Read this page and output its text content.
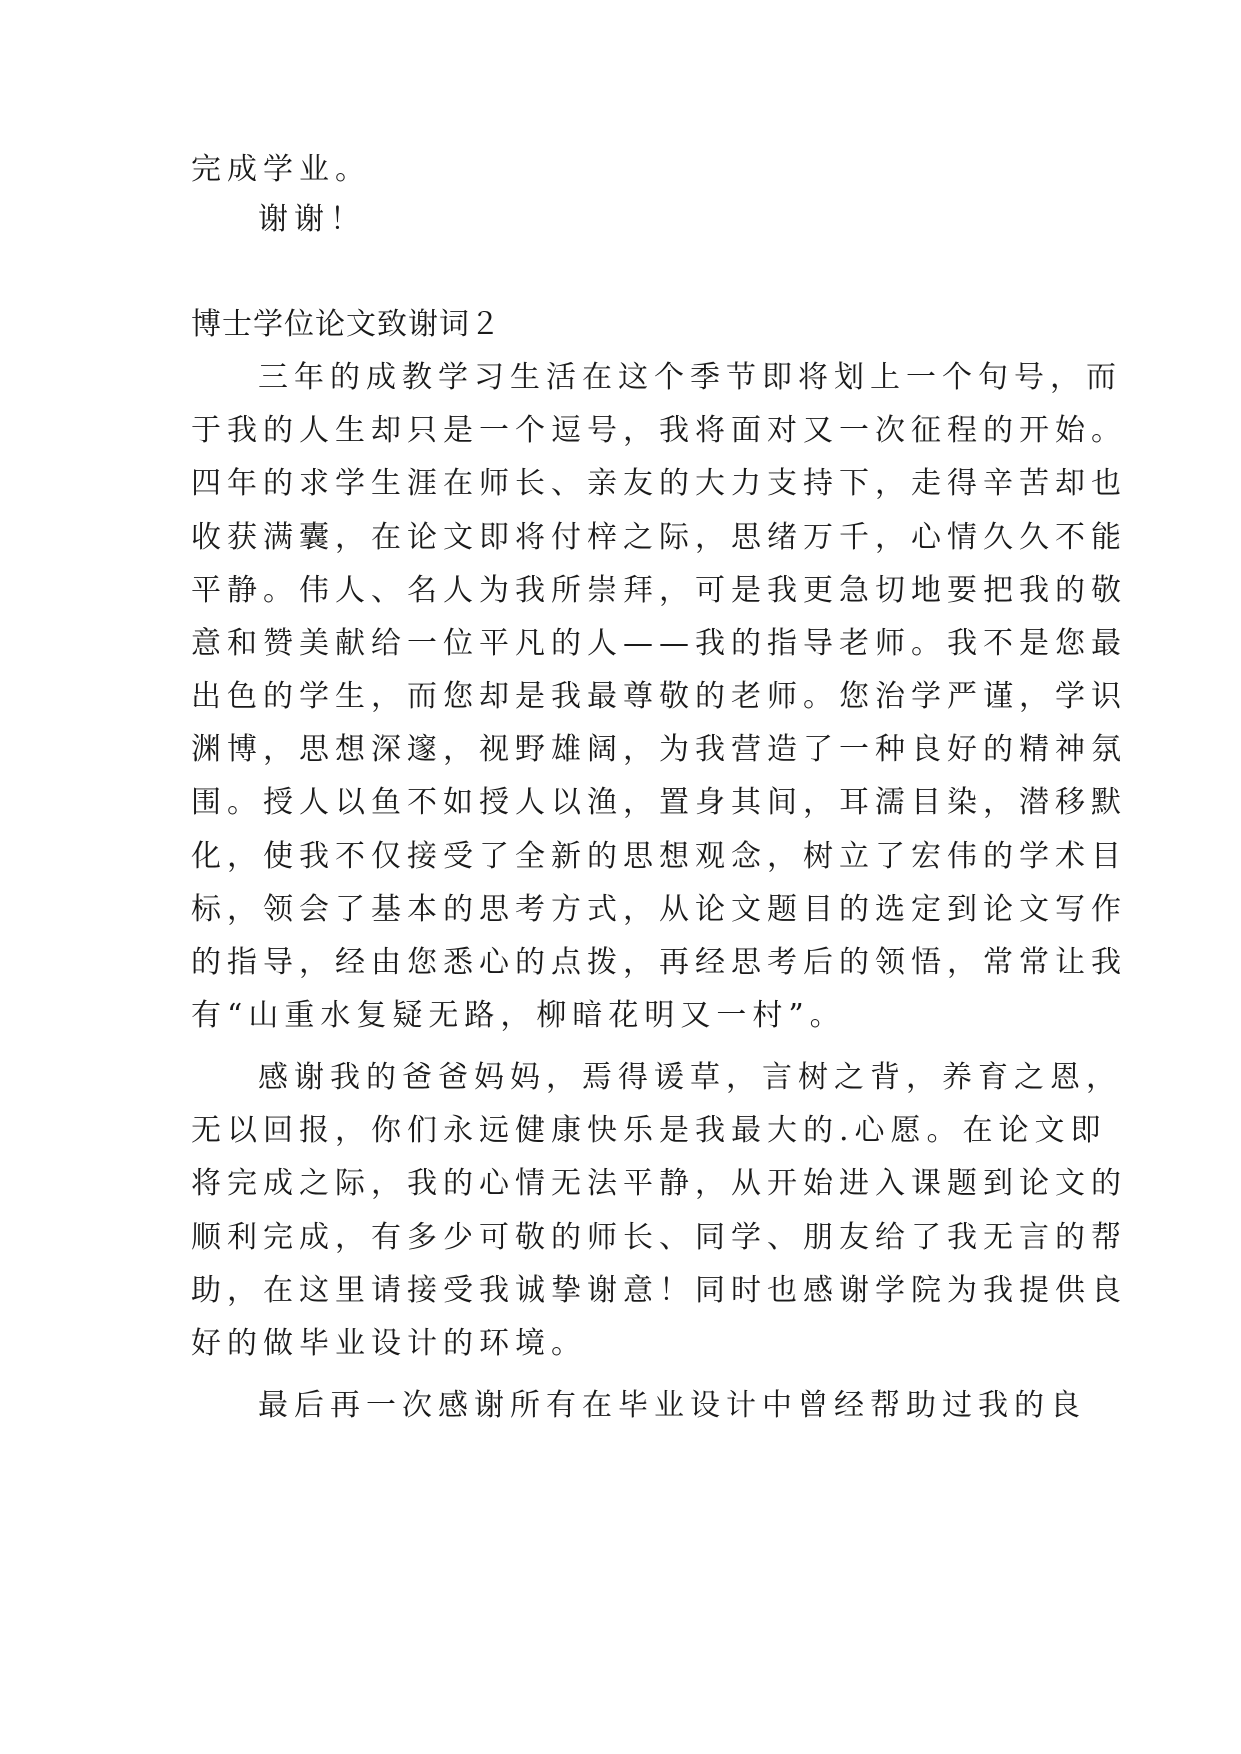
完成学业。
谢谢！
博士学位论文致谢词２
三年的成教学习生活在这个季节即将划上一个句号，而
于我的人生却只是一个逗号，我将面对又一次征程的开始。
四年的求学生涯在师长、亲友的大力支持下，走得辛苦却也
收获满囊，在论文即将付梓之际，思绪万千，心情久久不能
平静。伟人、名人为我所崇拜，可是我更急切地要把我的敬
意和赞美献给一位平凡的人——我的指导老师。我不是您最
出色的学生，而您却是我最尊敬的老师。您治学严谨，学识
渊博，思想深邃，视野雄阔，为我营造了一种良好的精神氛
围。授人以鱼不如授人以渔，置身其间，耳濡目染，潜移默
化，使我不仅接受了全新的思想观念，树立了宏伟的学术目
标，领会了基本的思考方式，从论文题目的选定到论文写作
的指导，经由您悉心的点拨，再经思考后的领悟，常常让我
有“山重水复疑无路，柳暗花明又一村”。
感谢我的爸爸妈妈，焉得谖草，言树之背，养育之恩，
无以回报，你们永远健康快乐是我最大的.心愿。在论文即
将完成之际，我的心情无法平静，从开始进入课题到论文的
顺利完成，有多少可敬的师长、同学、朋友给了我无言的帮
助，在这里请接受我诚挚谢意！同时也感谢学院为我提供良
好的做毕业设计的环境。
最后再一次感谢所有在毕业设计中曾经帮助过我的良
